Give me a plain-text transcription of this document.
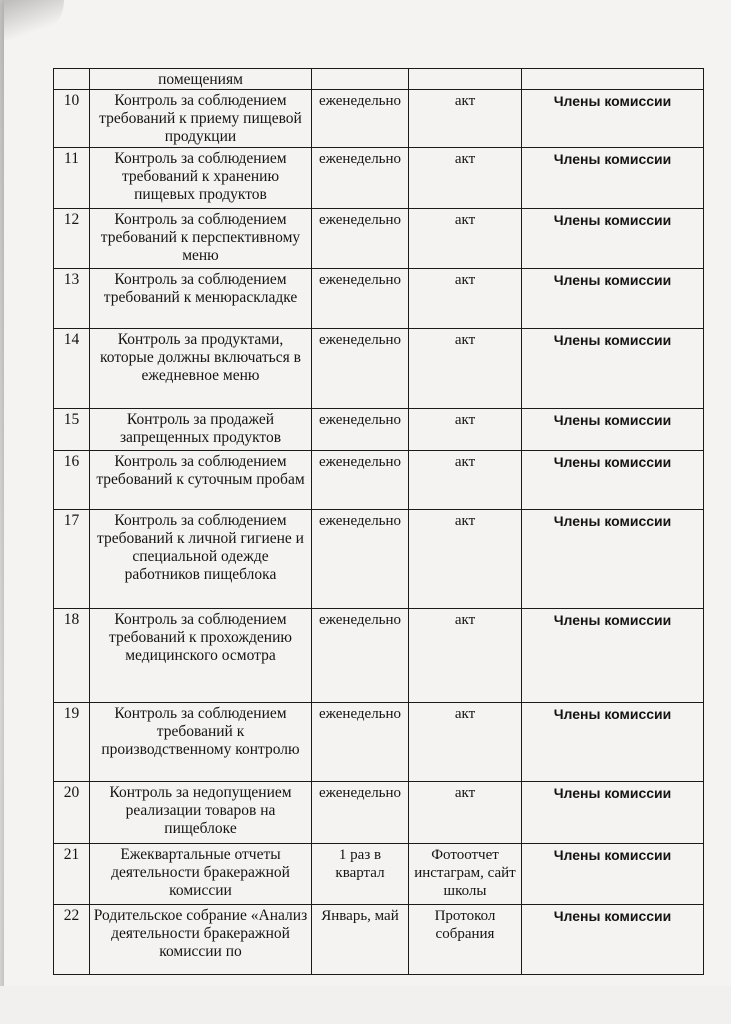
	помещениям			
10	Контроль за соблюдением требований к приему пищевой продукции	еженедельно	акт	Члены комиссии
11	Контроль за соблюдением требований к хранению пищевых продуктов	еженедельно	акт	Члены комиссии
12	Контроль за соблюдением требований к перспективному меню	еженедельно	акт	Члены комиссии
13	Контроль за соблюдением требований к менюраскладке	еженедельно	акт	Члены комиссии
14	Контроль за продуктами, которые должны включаться в ежедневное меню	еженедельно	акт	Члены комиссии
15	Контроль за продажей запрещенных продуктов	еженедельно	акт	Члены комиссии
16	Контроль за соблюдением требований к суточным пробам	еженедельно	акт	Члены комиссии
17	Контроль за соблюдением требований к личной гигиене и специальной одежде работников пищеблока	еженедельно	акт	Члены комиссии
18	Контроль за соблюдением требований к прохождению медицинского осмотра	еженедельно	акт	Члены комиссии
19	Контроль за соблюдением требований к производственному контролю	еженедельно	акт	Члены комиссии
20	Контроль за недопущением реализации товаров на пищеблоке	еженедельно	акт	Члены комиссии
21	Ежеквартальные отчеты деятельности бракеражной комиссии	1 раз в квартал	Фотоотчет инстаграм, сайт школы	Члены комиссии
22	Родительское собрание «Анализ деятельности бракеражной комиссии по	Январь, май	Протокол собрания	Члены комиссии
